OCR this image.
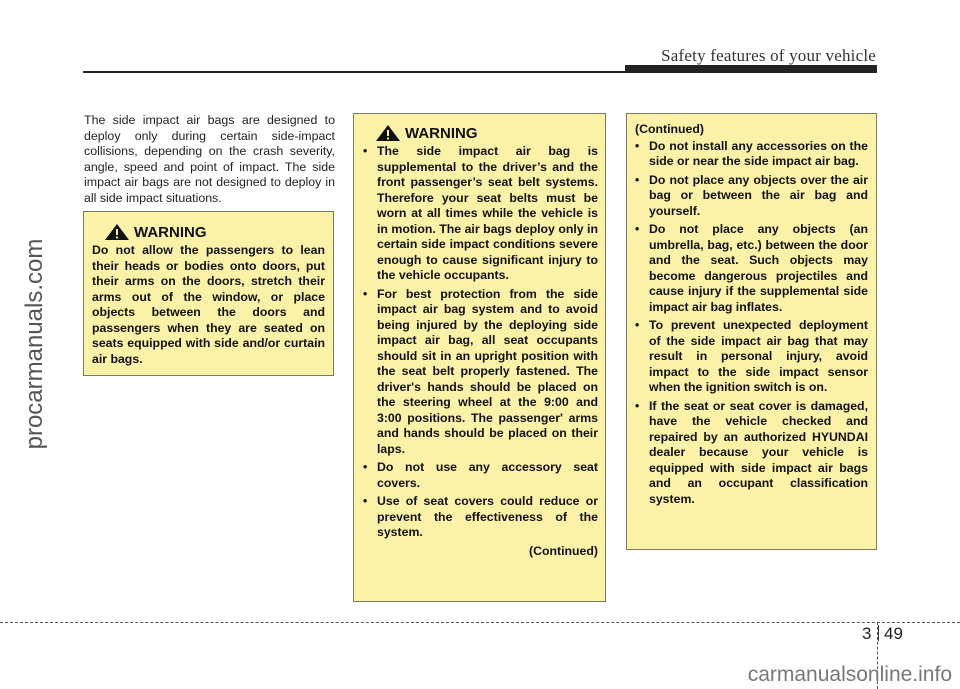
Safety features of your vehicle
procarmanuals.com
The side impact air bags are designed to deploy only during certain side-impact collisions, depending on the crash severity, angle, speed and point of impact. The side impact air bags are not designed to deploy in all side impact situations.
WARNING
Do not allow the passengers to lean their heads or bodies onto doors, put their arms on the doors, stretch their arms out of the window, or place objects between the doors and passengers when they are seated on seats equipped with side and/or curtain air bags.
WARNING
• The side impact air bag is supplemental to the driver’s and the front passenger’s seat belt systems. Therefore your seat belts must be worn at all times while the vehicle is in motion. The air bags deploy only in certain side impact conditions severe enough to cause significant injury to the vehicle occupants.
• For best protection from the side impact air bag system and to avoid being injured by the deploying side impact air bag, all seat occupants should sit in an upright position with the seat belt properly fastened. The driver's hands should be placed on the steering wheel at the 9:00 and 3:00 positions. The passenger' arms and hands should be placed on their laps.
• Do not use any accessory seat covers.
• Use of seat covers could reduce or prevent the effectiveness of the system.
(Continued)
(Continued)
• Do not install any accessories on the side or near the side impact air bag.
• Do not place any objects over the air bag or between the air bag and yourself.
• Do not place any objects (an umbrella, bag, etc.) between the door and the seat. Such objects may become dangerous projectiles and cause injury if the supplemental side impact air bag inflates.
• To prevent unexpected deployment of the side impact air bag that may result in personal injury, avoid impact to the side impact sensor when the ignition switch is on.
• If the seat or seat cover is damaged, have the vehicle checked and repaired by an authorized HYUNDAI dealer because your vehicle is equipped with side impact air bags and an occupant classification system.
3 49
carmanualsonline.info
